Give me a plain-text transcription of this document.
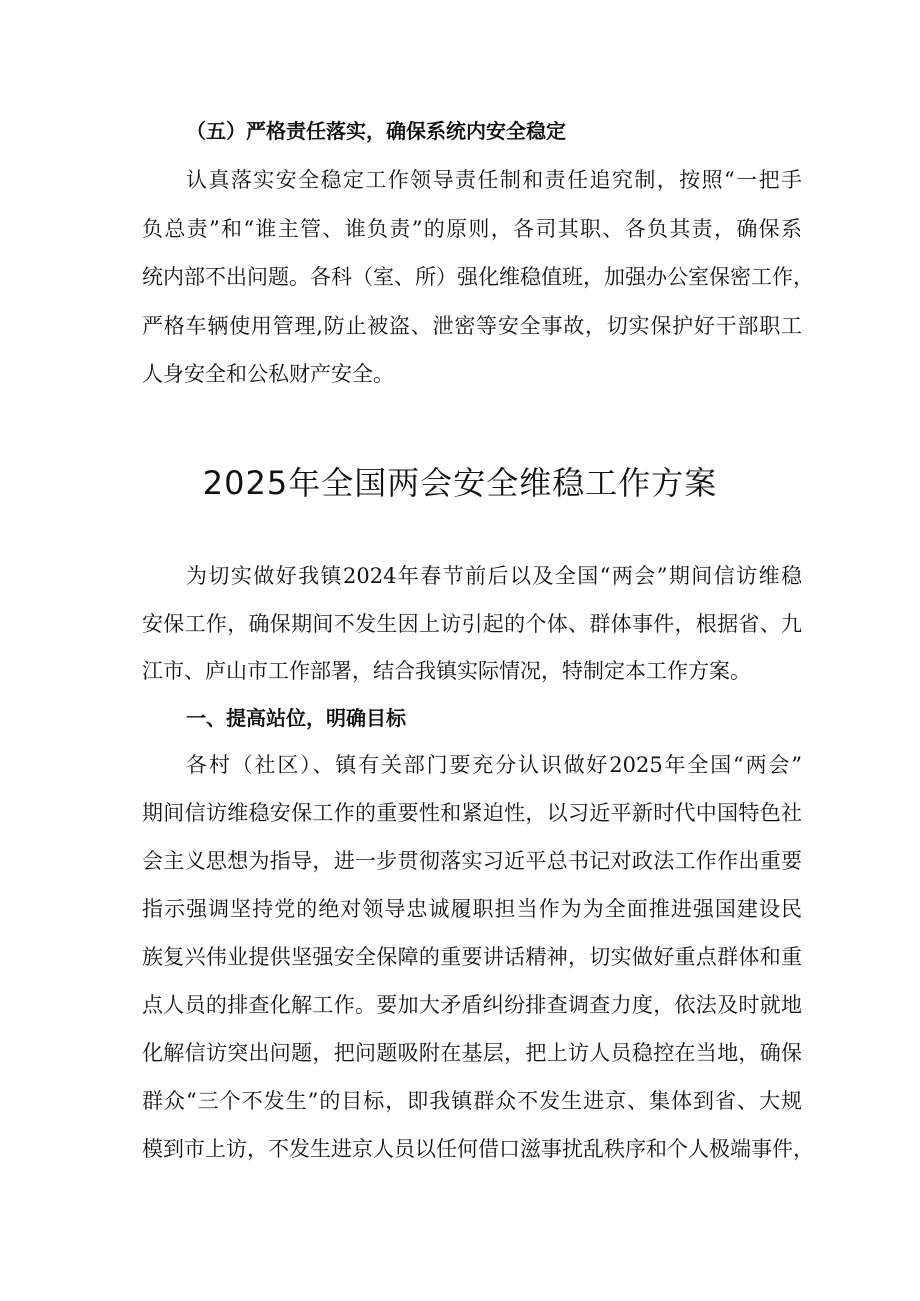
（五）严格责任落实，确保系统内安全稳定
认真落实安全稳定工作领导责任制和责任追究制，按照“一把手
负总责”和“谁主管、谁负责”的原则，各司其职、各负其责，确保系
统内部不出问题。各科（室、所）强化维稳值班，加强办公室保密工作，
严格车辆使用管理,防止被盗、泄密等安全事故，切实保护好干部职工
人身安全和公私财产安全。
2025年全国两会安全维稳工作方案
为切实做好我镇2024年春节前后以及全国“两会”期间信访维稳
安保工作，确保期间不发生因上访引起的个体、群体事件，根据省、九
江市、庐山市工作部署，结合我镇实际情况，特制定本工作方案。
一、提高站位，明确目标
各村（社区）、镇有关部门要充分认识做好2025年全国“两会”
期间信访维稳安保工作的重要性和紧迫性，以习近平新时代中国特色社
会主义思想为指导，进一步贯彻落实习近平总书记对政法工作作出重要
指示强调坚持党的绝对领导忠诚履职担当作为为全面推进强国建设民
族复兴伟业提供坚强安全保障的重要讲话精神，切实做好重点群体和重
点人员的排查化解工作。要加大矛盾纠纷排查调查力度，依法及时就地
化解信访突出问题，把问题吸附在基层，把上访人员稳控在当地，确保
群众“三个不发生”的目标，即我镇群众不发生进京、集体到省、大规
模到市上访，不发生进京人员以任何借口滋事扰乱秩序和个人极端事件，
